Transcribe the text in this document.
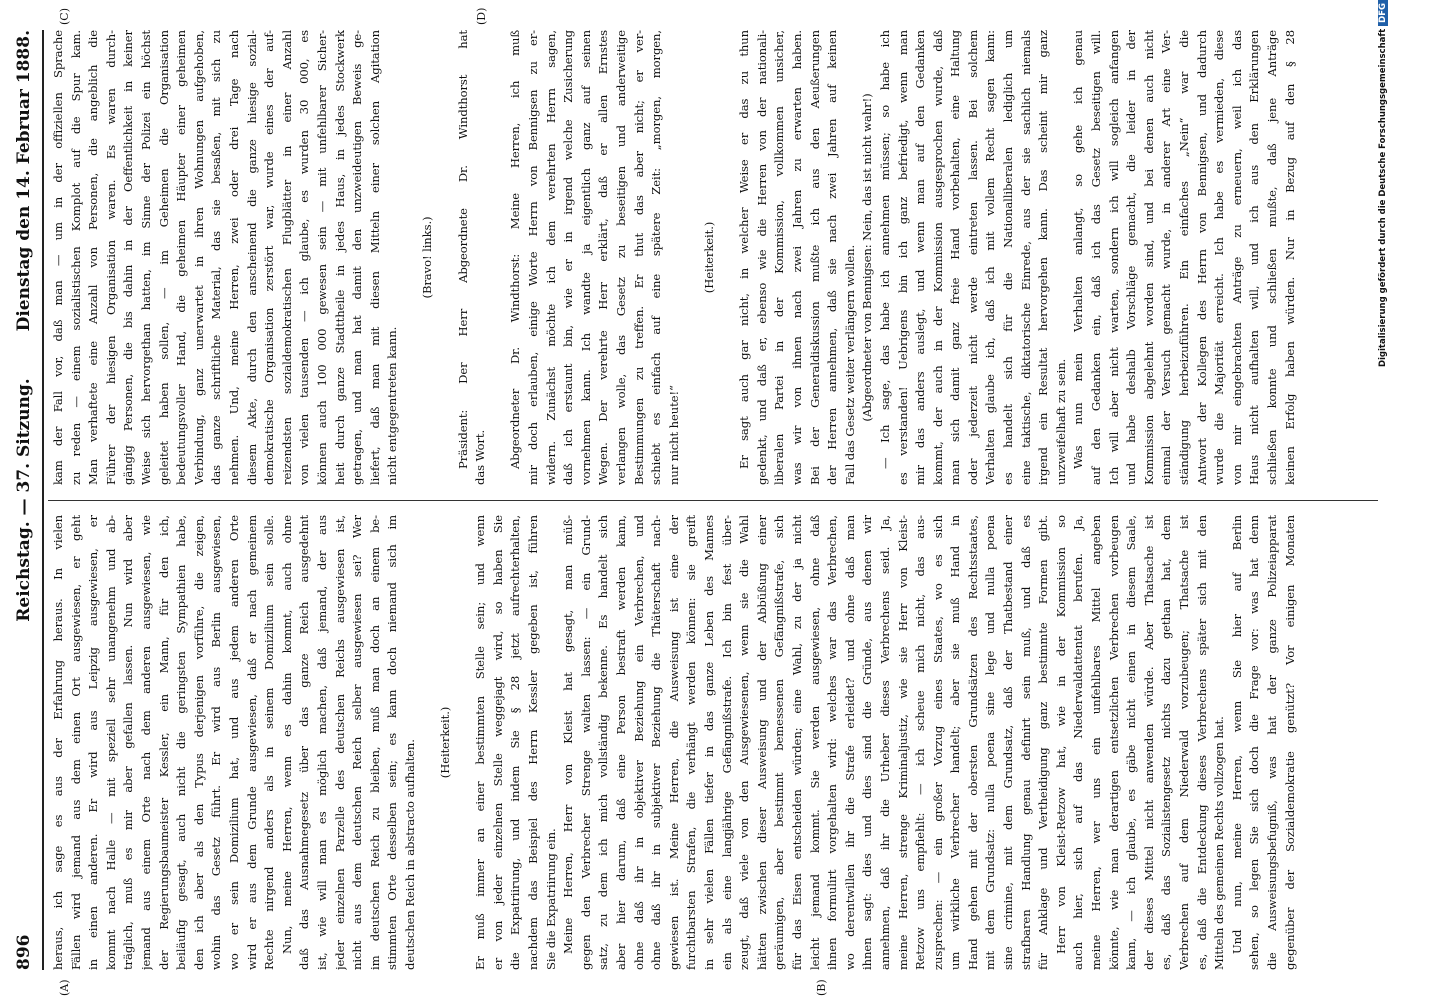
896
Reichstag. — 37. Sitzung.
Dienstag den 14. Februar 1888.
(A)	(B)
(C)	(D)
heraus, ich sage es aus der Erfahrung heraus. In vielen Fällen wird jemand aus dem einen Ort ausgewiesen, er geht in einen anderen. Er wird aus Leipzig ausgewiesen, er kommt nach Halle — mit speziell sehr unangenehm und ab- träglich, muß es mir aber gefallen lassen. Nun wird aber jemand aus einem Orte nach dem anderen ausgewiesen, wie der Regierungsbaumeister Kessler, ein Mann, für den ich, beiläufig gesagt, auch nicht die geringsten Sympathien habe, den ich aber als den Typus derjenigen vorführe, die zeigen, wohin das Gesetz führt. Er wird aus Berlin ausgewiesen, wo er sein Domizilium hat, und aus jedem anderen Orte wird er aus dem Grunde ausgewiesen, daß er nach gemeinem Rechte nirgend anders als in seinem Domizilium sein solle. Nun, meine Herren, wenn es dahin kommt, auch ohne daß das Ausnahmegesetz über das ganze Reich ausgedehnt ist, wie will man es möglich machen, daß jemand, der aus jeder einzelnen Parzelle des deutschen Reichs ausgewiesen ist, nicht aus dem deutschen Reich selber ausgewiesen sei? Wer im deutschen Reich zu bleiben, muß man doch an einem be- stimmten Orte desselben sein; es kann doch niemand sich im deutschen Reich in abstracto aufhalten.
(Heiterkeit.)
Er muß immer an einer bestimmten Stelle sein; und wenn er von jeder einzelnen Stelle weggejagt wird, so haben Sie die Expatriirung, und indem Sie § 28 jetzt aufrechterhalten, nachdem das Beispiel des Herrn Kessler gegeben ist, führen Sie die Expatriirung ein. Meine Herren, Herr von Kleist hat gesagt, man müß- gegen den Verbrecher Strenge walten lassen: — ein Grund- satz, zu dem ich mich vollständig bekenne. Es handelt sich aber hier darum, daß eine Person bestraft werden kann, ohne daß ihr in objektiver Beziehung ein Verbrechen, und ohne daß ihr in subjektiver Beziehung die Thäterschaft nach- gewiesen ist. Meine Herren, die Ausweisung ist eine der furchtbarsten Strafen, die verhängt werden können: sie greift in sehr vielen Fällen tiefer in das ganze Leben des Mannes ein als eine langjährige Gefängnißstrafe. Ich bin fest über- zeugt, daß viele von den Ausgewiesenen, wenn sie die Wahl hätten zwischen dieser Ausweisung und der Abbüßung einer geräumigen, aber bestimmt bemessenen Gefängnißstrafe, sich für das Eisen entscheiden würden; eine Wahl, zu der ja nicht leicht jemand kommt. Sie werden ausgewiesen, ohne daß ihnen formulirt vorgehalten wird: welches war das Verbrechen, wo derentwillen ihr die Strafe erleidet? und ohne daß man ihnen sagt: dies und dies sind die Gründe, aus denen wir annehmen, daß ihr die Urheber dieses Verbrechens seid. Ja, meine Herren, strenge Kriminaljustiz, wie sie Herr von Kleist- Retzow uns empfiehlt: — ich scheue mich nicht, das aus- zusprechen: — ein großer Vorzug eines Staates, wo es sich um wirkliche Verbrecher handelt; aber sie muß Hand in Hand gehen mit der obersten Grundsätzen des Rechtsstaates, mit dem Grundsatz: nulla poena sine lege und nulla poena sine crimine, mit dem Grundsatz, daß der Thatbestand einer strafbaren Handlung genau definirt sein muß, und daß es für Anklage und Vertheidigung ganz bestimmte Formen gibt. Herr von Kleist-Retzow hat, wie in der Kommission so auch hier, sich auf das Niederwaldattentat berufen. Ja, meine Herren, wer uns ein unfehlbares Mittel angeben könnte, wie man derartigen entsetzlichen Verbrechen vorbeugen kann, — ich glaube, es gäbe nicht einen in diesem Saale, der dieses Mittel nicht anwenden würde. Aber Thatsache ist es, daß das Sozialistengesetz nichts dazu gethan hat, dem Verbrechen auf dem Niederwald vorzubeugen; Thatsache ist es, daß die Entdeckung dieses Verbrechens später sich mit den Mitteln des gemeinen Rechts vollzogen hat. Und nun, meine Herren, wenn Sie hier auf Berlin sehen, so legen Sie sich doch die Frage vor: was hat denn die Ausweisungsbefugniß, was hat der ganze Polizeiapparat gegenüber der Sozialdemokratie genützt? Vor einigen Monaten
kam der Fall vor, daß man — um in der offiziellen Sprache zu reden — einem sozialistischen Komplot auf die Spur kam. Man verhaftete eine Anzahl von Personen, die angeblich die Führer der hiesigen Organisation waren. Es waren durch- gängig Personen, die bis dahin in der Oeffentlichkeit in keiner Weise sich hervorgethan hatten, im Sinne der Polizei ein höchst geleitet haben sollen, — im Geheimen die Organisation bedeutungsvoller Hand, die geheimen Häupter einer geheimen Verbindung, ganz unerwartet in ihren Wohnungen aufgehoben, das ganze schriftliche Material, das sie besaßen, mit sich zu nehmen. Und, meine Herren, zwei oder drei Tage nach diesem Akte, durch den anscheinend die ganze hiesige sozial- demokratische Organisation zerstört war, wurde eines der auf- reizendsten sozialdemokratischen Flugblätter in einer Anzahl von vielen tausenden — ich glaube, es wurden 30 000, es können auch 100 000 gewesen sein — mit unfehlbarer Sicher- heit durch ganze Stadttheile in jedes Haus, in jedes Stockwerk getragen, und man hat damit den unzweideutigen Beweis ge- liefert, daß man mit diesen Mitteln einer solchen Agitation nicht entgegentreten kann.

(Bravo! links.)
Präsident: Der Herr Abgeordnete Dr. Windthorst hat das Wort.
Abgeordneter Dr. Windthorst: Meine Herren, ich muß mir doch erlauben, einige Worte Herrn von Bennigsen zu er- widern. Zunächst möchte ich dem verehrten Herrn sagen, daß ich erstaunt bin, wie er in irgend welche Zusicherung vornehmen kann. Ich wandte ja eigentlich ganz auf seinen Wegen. Der verehrte Herr erklärt, daß er allen Ernstes verlangen wolle, das Gesetz zu beseitigen und anderweitige Bestimmungen zu treffen. Er thut das aber nicht; er ver- schiebt es einfach auf eine spätere Zeit: „morgen, morgen, nur nicht heute!“

(Heiterkeit.)
Er sagt auch gar nicht, in welcher Weise er das zu thun gedenkt, und daß er, ebenso wie die Herren von der nationali- liberalen Partei in der Kommission, vollkommen unsicher, was wir von ihnen nach zwei Jahren zu erwarten haben. Bei der Generaldiskussion mußte ich aus den Aeußerungen der Herren annehmen, daß sie nach zwei Jahren auf keinen Fall das Gesetz weiter verlängern wollen. (Abgeordneter von Bennigsen: Nein, das ist nicht wahr!) — Ich sage, das habe ich annehmen müssen; so habe ich es verstanden! Uebrigens bin ich ganz befriedigt, wenn man mir das anders auslegt, und wenn man auf den Gedanken kommt, der auch in der Kommission ausgesprochen wurde, daß man sich damit ganz freie Hand vorbehalten, eine Haltung oder jederzeit nicht werde eintreten lassen. Bei solchem Verhalten glaube ich, daß ich mit vollem Recht sagen kann: es handelt sich für die Nationalliberalen lediglich um eine taktische, diktatorische Einrede, aus der sie sachlich niemals irgend ein Resultat hervorgehen kann. Das scheint mir ganz unzweifelhaft zu sein. Was nun mein Verhalten anlangt, so gehe ich genau auf den Gedanken ein, daß ich das Gesetz beseitigen will. Ich will aber nicht warten, sondern ich will sogleich anfangen und habe deshalb Vorschläge gemacht, die leider in der Kommission abgelehnt worden sind, und bei denen auch nicht einmal der Versuch gemacht wurde, in anderer Art eine Ver- ständigung herbeizuführen. Ein einfaches „Nein“ war die Antwort der Kollegen des Herrn von Bennigsen, und dadurch wurde die Majorität erreicht. Ich habe es vermieden, diese von mir eingebrachten Anträge zu erneuern, weil ich das Haus nicht aufhalten will, und ich aus den Erklärungen schließen konnte und schließen mußte, daß jene Anträge keinen Erfolg haben würden. Nur in Bezug auf den § 28	Digitalisierung gefördert durch die Deutsche ForschungsgemeinschaftDFG
